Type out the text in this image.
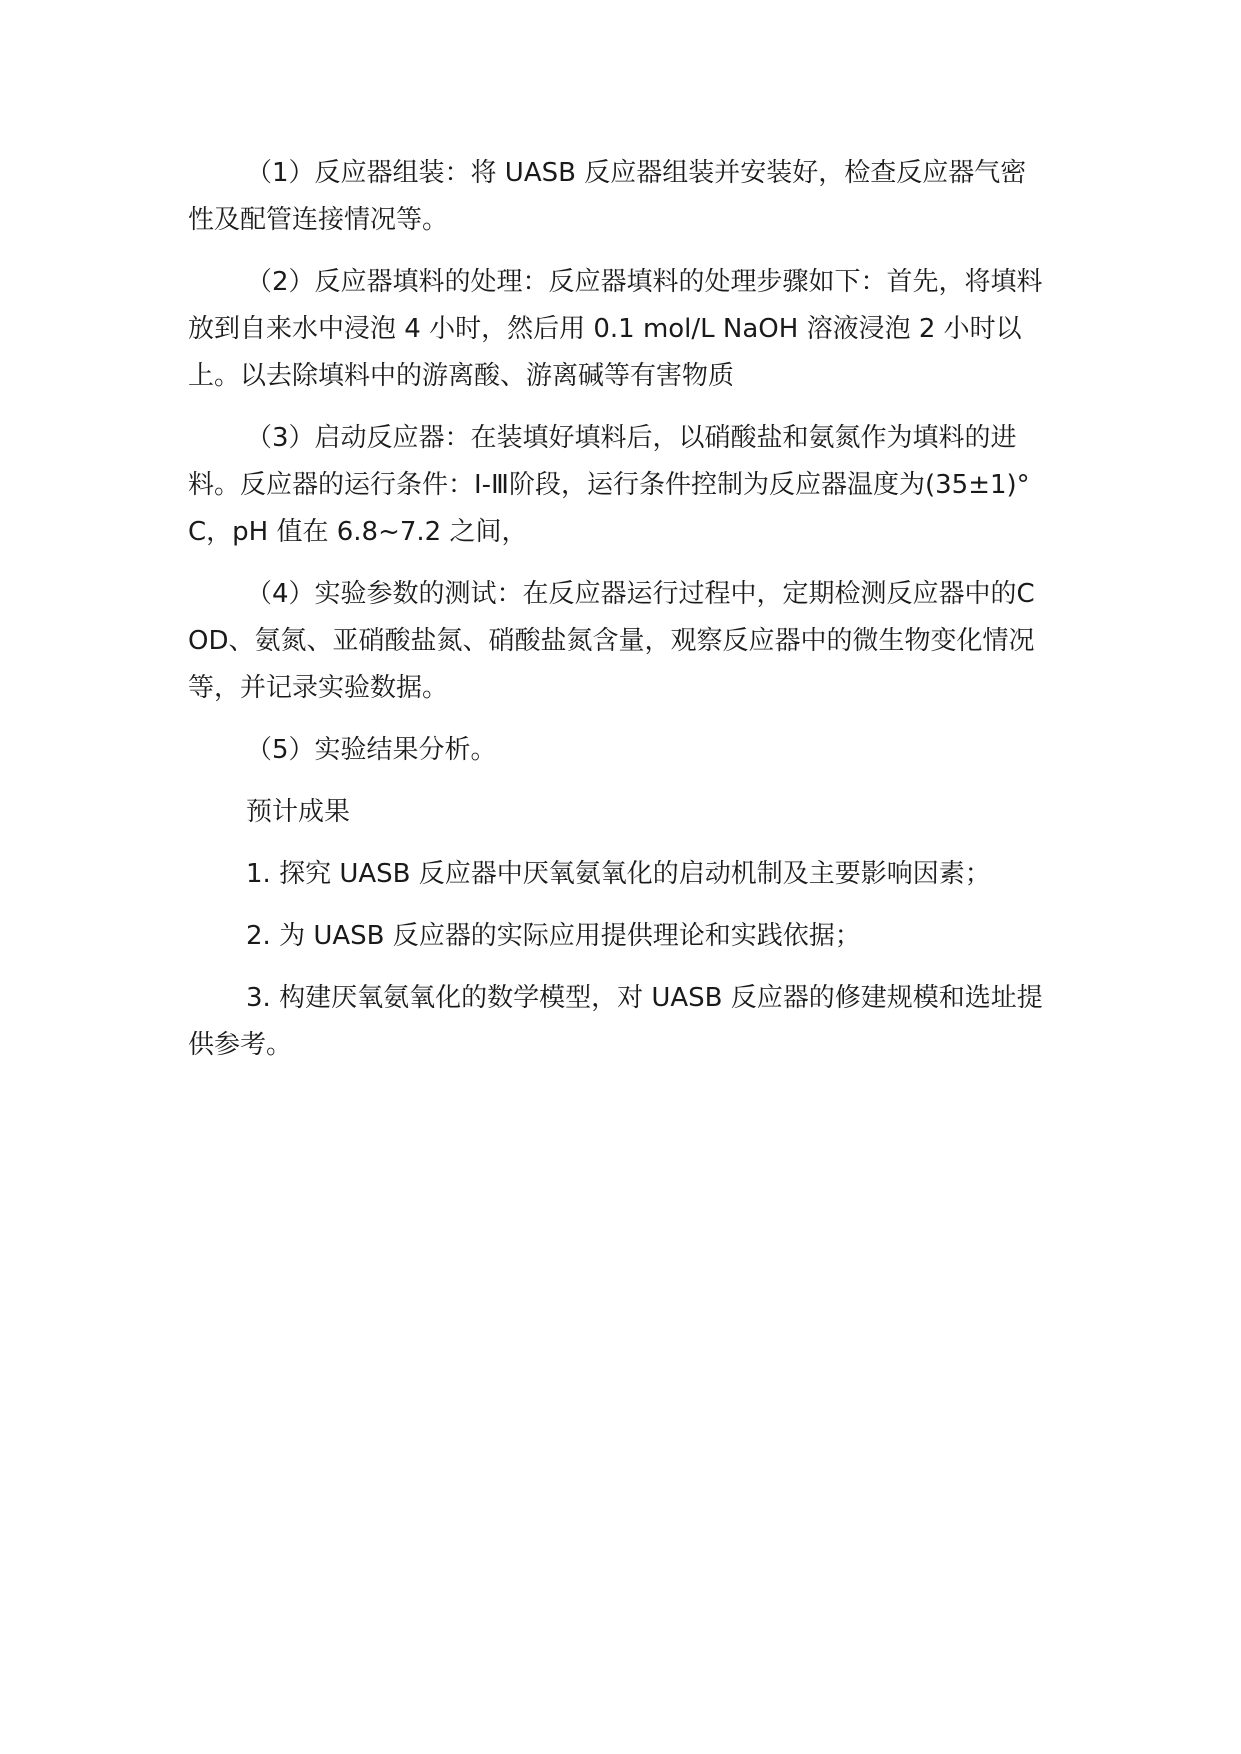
（1）反应器组装：将 UASB 反应器组装并安装好，检查反应器气密性及配管连接情况等。

（2）反应器填料的处理：反应器填料的处理步骤如下：首先，将填料放到自来水中浸泡 4 小时，然后用 0.1 mol/L NaOH 溶液浸泡 2 小时以上。以去除填料中的游离酸、游离碱等有害物质

（3）启动反应器：在装填好填料后，以硝酸盐和氨氮作为填料的进料。反应器的运行条件：Ⅰ-Ⅲ阶段，运行条件控制为反应器温度为(35±1)°C，pH 值在 6.8~7.2 之间，

（4）实验参数的测试：在反应器运行过程中，定期检测反应器中的COD、氨氮、亚硝酸盐氮、硝酸盐氮含量，观察反应器中的微生物变化情况等，并记录实验数据。

（5）实验结果分析。

预计成果

1. 探究 UASB 反应器中厌氧氨氧化的启动机制及主要影响因素；

2. 为 UASB 反应器的实际应用提供理论和实践依据；

3. 构建厌氧氨氧化的数学模型，对 UASB 反应器的修建规模和选址提供参考。
